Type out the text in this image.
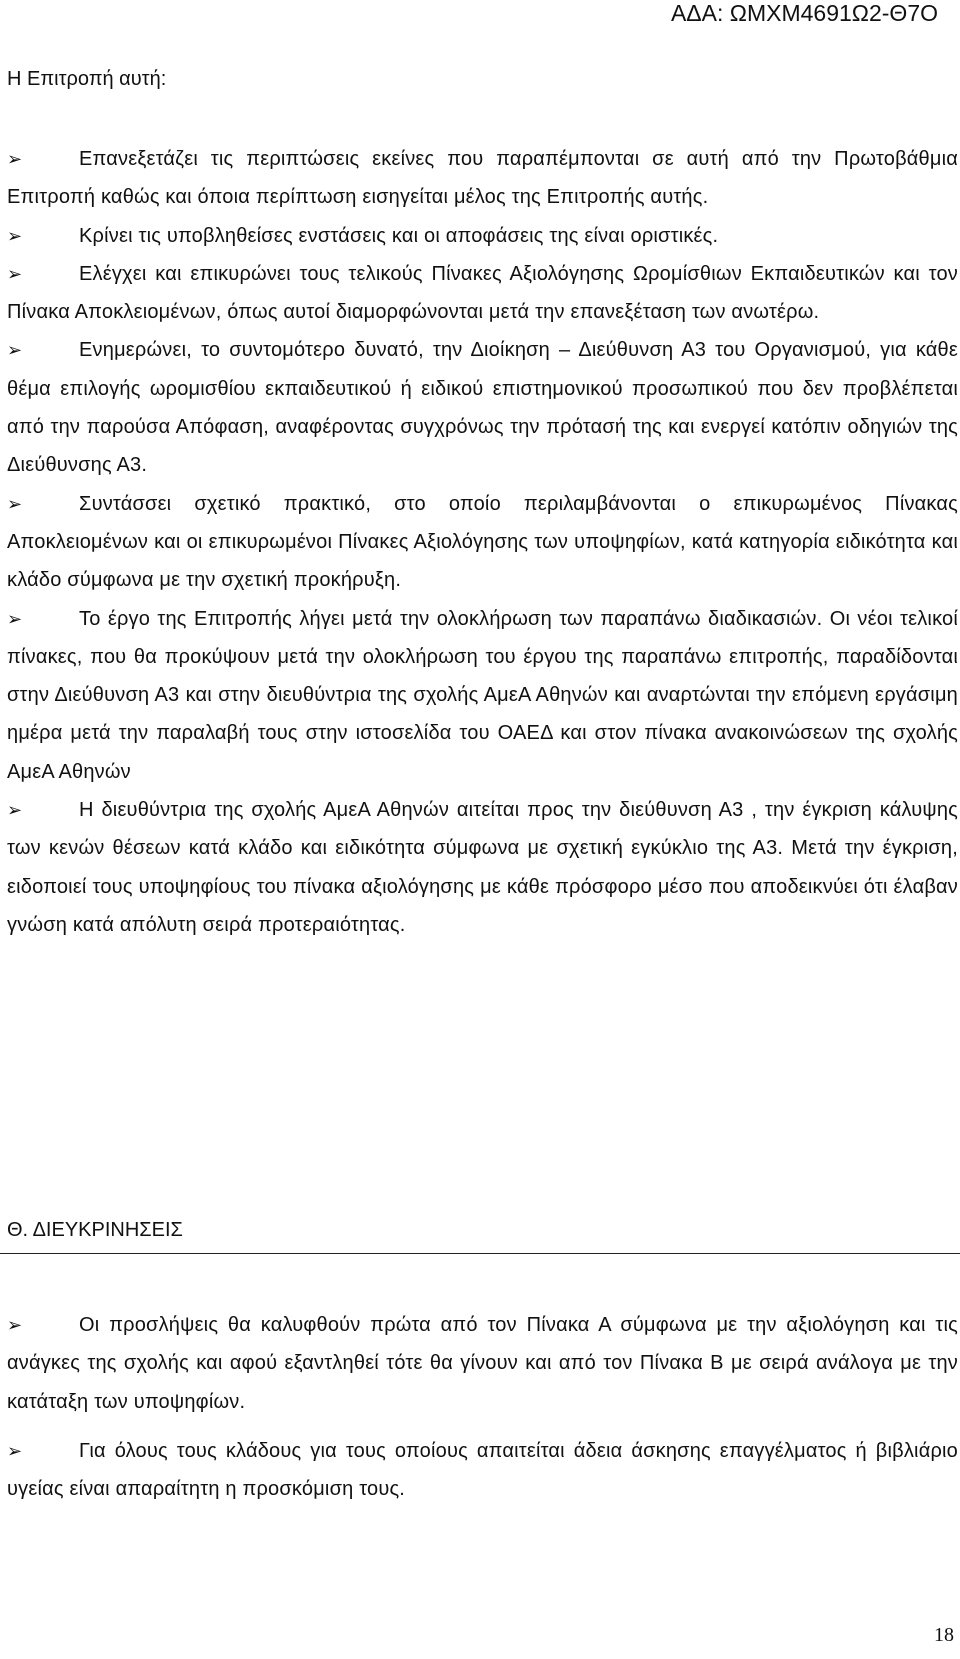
ΑΔΑ: ΩΜΧΜ4691Ω2-Θ7Ο
Η Επιτροπή αυτή:

➢	Επανεξετάζει τις περιπτώσεις εκείνες που παραπέμπονται σε αυτή από την Πρωτοβάθμια Επιτροπή καθώς και όποια περίπτωση εισηγείται μέλος της Επιτροπής αυτής.

➢	Κρίνει τις υποβληθείσες ενστάσεις και οι αποφάσεις της είναι οριστικές.

➢	Ελέγχει και επικυρώνει τους τελικούς Πίνακες Αξιολόγησης Ωρομίσθιων Εκπαιδευτικών και τον Πίνακα Αποκλειομένων, όπως αυτοί διαμορφώνονται μετά την επανεξέταση των ανωτέρω.

➢	Ενημερώνει, το συντομότερο δυνατό, την Διοίκηση – Διεύθυνση Α3 του Οργανισμού, για κάθε θέμα επιλογής ωρομισθίου εκπαιδευτικού ή ειδικού επιστημονικού προσωπικού που δεν προβλέπεται από την παρούσα Απόφαση, αναφέροντας συγχρόνως την πρότασή της και ενεργεί κατόπιν οδηγιών της Διεύθυνσης Α3.

➢	Συντάσσει σχετικό πρακτικό, στο οποίο περιλαμβάνονται ο επικυρωμένος Πίνακας Αποκλειομένων και οι επικυρωμένοι Πίνακες Αξιολόγησης των υποψηφίων, κατά κατηγορία ειδικότητα και κλάδο σύμφωνα με την σχετική προκήρυξη.

➢	Το έργο της Επιτροπής λήγει μετά την ολοκλήρωση των παραπάνω διαδικασιών. Οι νέοι τελικοί πίνακες, που θα προκύψουν μετά την ολοκλήρωση του έργου της παραπάνω επιτροπής, παραδίδονται στην Διεύθυνση Α3 και στην διευθύντρια της σχολής ΑμεΑ Αθηνών και αναρτώνται την επόμενη εργάσιμη ημέρα μετά την παραλαβή τους στην ιστοσελίδα του ΟΑΕΔ και στον πίνακα ανακοινώσεων της σχολής ΑμεΑ Αθηνών

➢	Η διευθύντρια της σχολής ΑμεΑ Αθηνών αιτείται προς την διεύθυνση Α3 , την έγκριση κάλυψης των κενών θέσεων κατά κλάδο και ειδικότητα σύμφωνα με σχετική εγκύκλιο της Α3. Μετά την έγκριση, ειδοποιεί τους υποψηφίους του πίνακα αξιολόγησης με κάθε πρόσφορο μέσο που αποδεικνύει ότι έλαβαν γνώση κατά απόλυτη σειρά προτεραιότητας.

Θ. ΔΙΕΥΚΡΙΝΗΣΕΙΣ

➢	Οι προσλήψεις θα καλυφθούν πρώτα από τον Πίνακα Α σύμφωνα με την αξιολόγηση και τις ανάγκες της σχολής και αφού εξαντληθεί τότε θα γίνουν και από τον Πίνακα Β με σειρά ανάλογα με την κατάταξη των υποψηφίων.

➢	Για όλους τους κλάδους για τους οποίους απαιτείται άδεια άσκησης επαγγέλματος ή βιβλιάριο υγείας είναι απαραίτητη η προσκόμιση τους.

18
